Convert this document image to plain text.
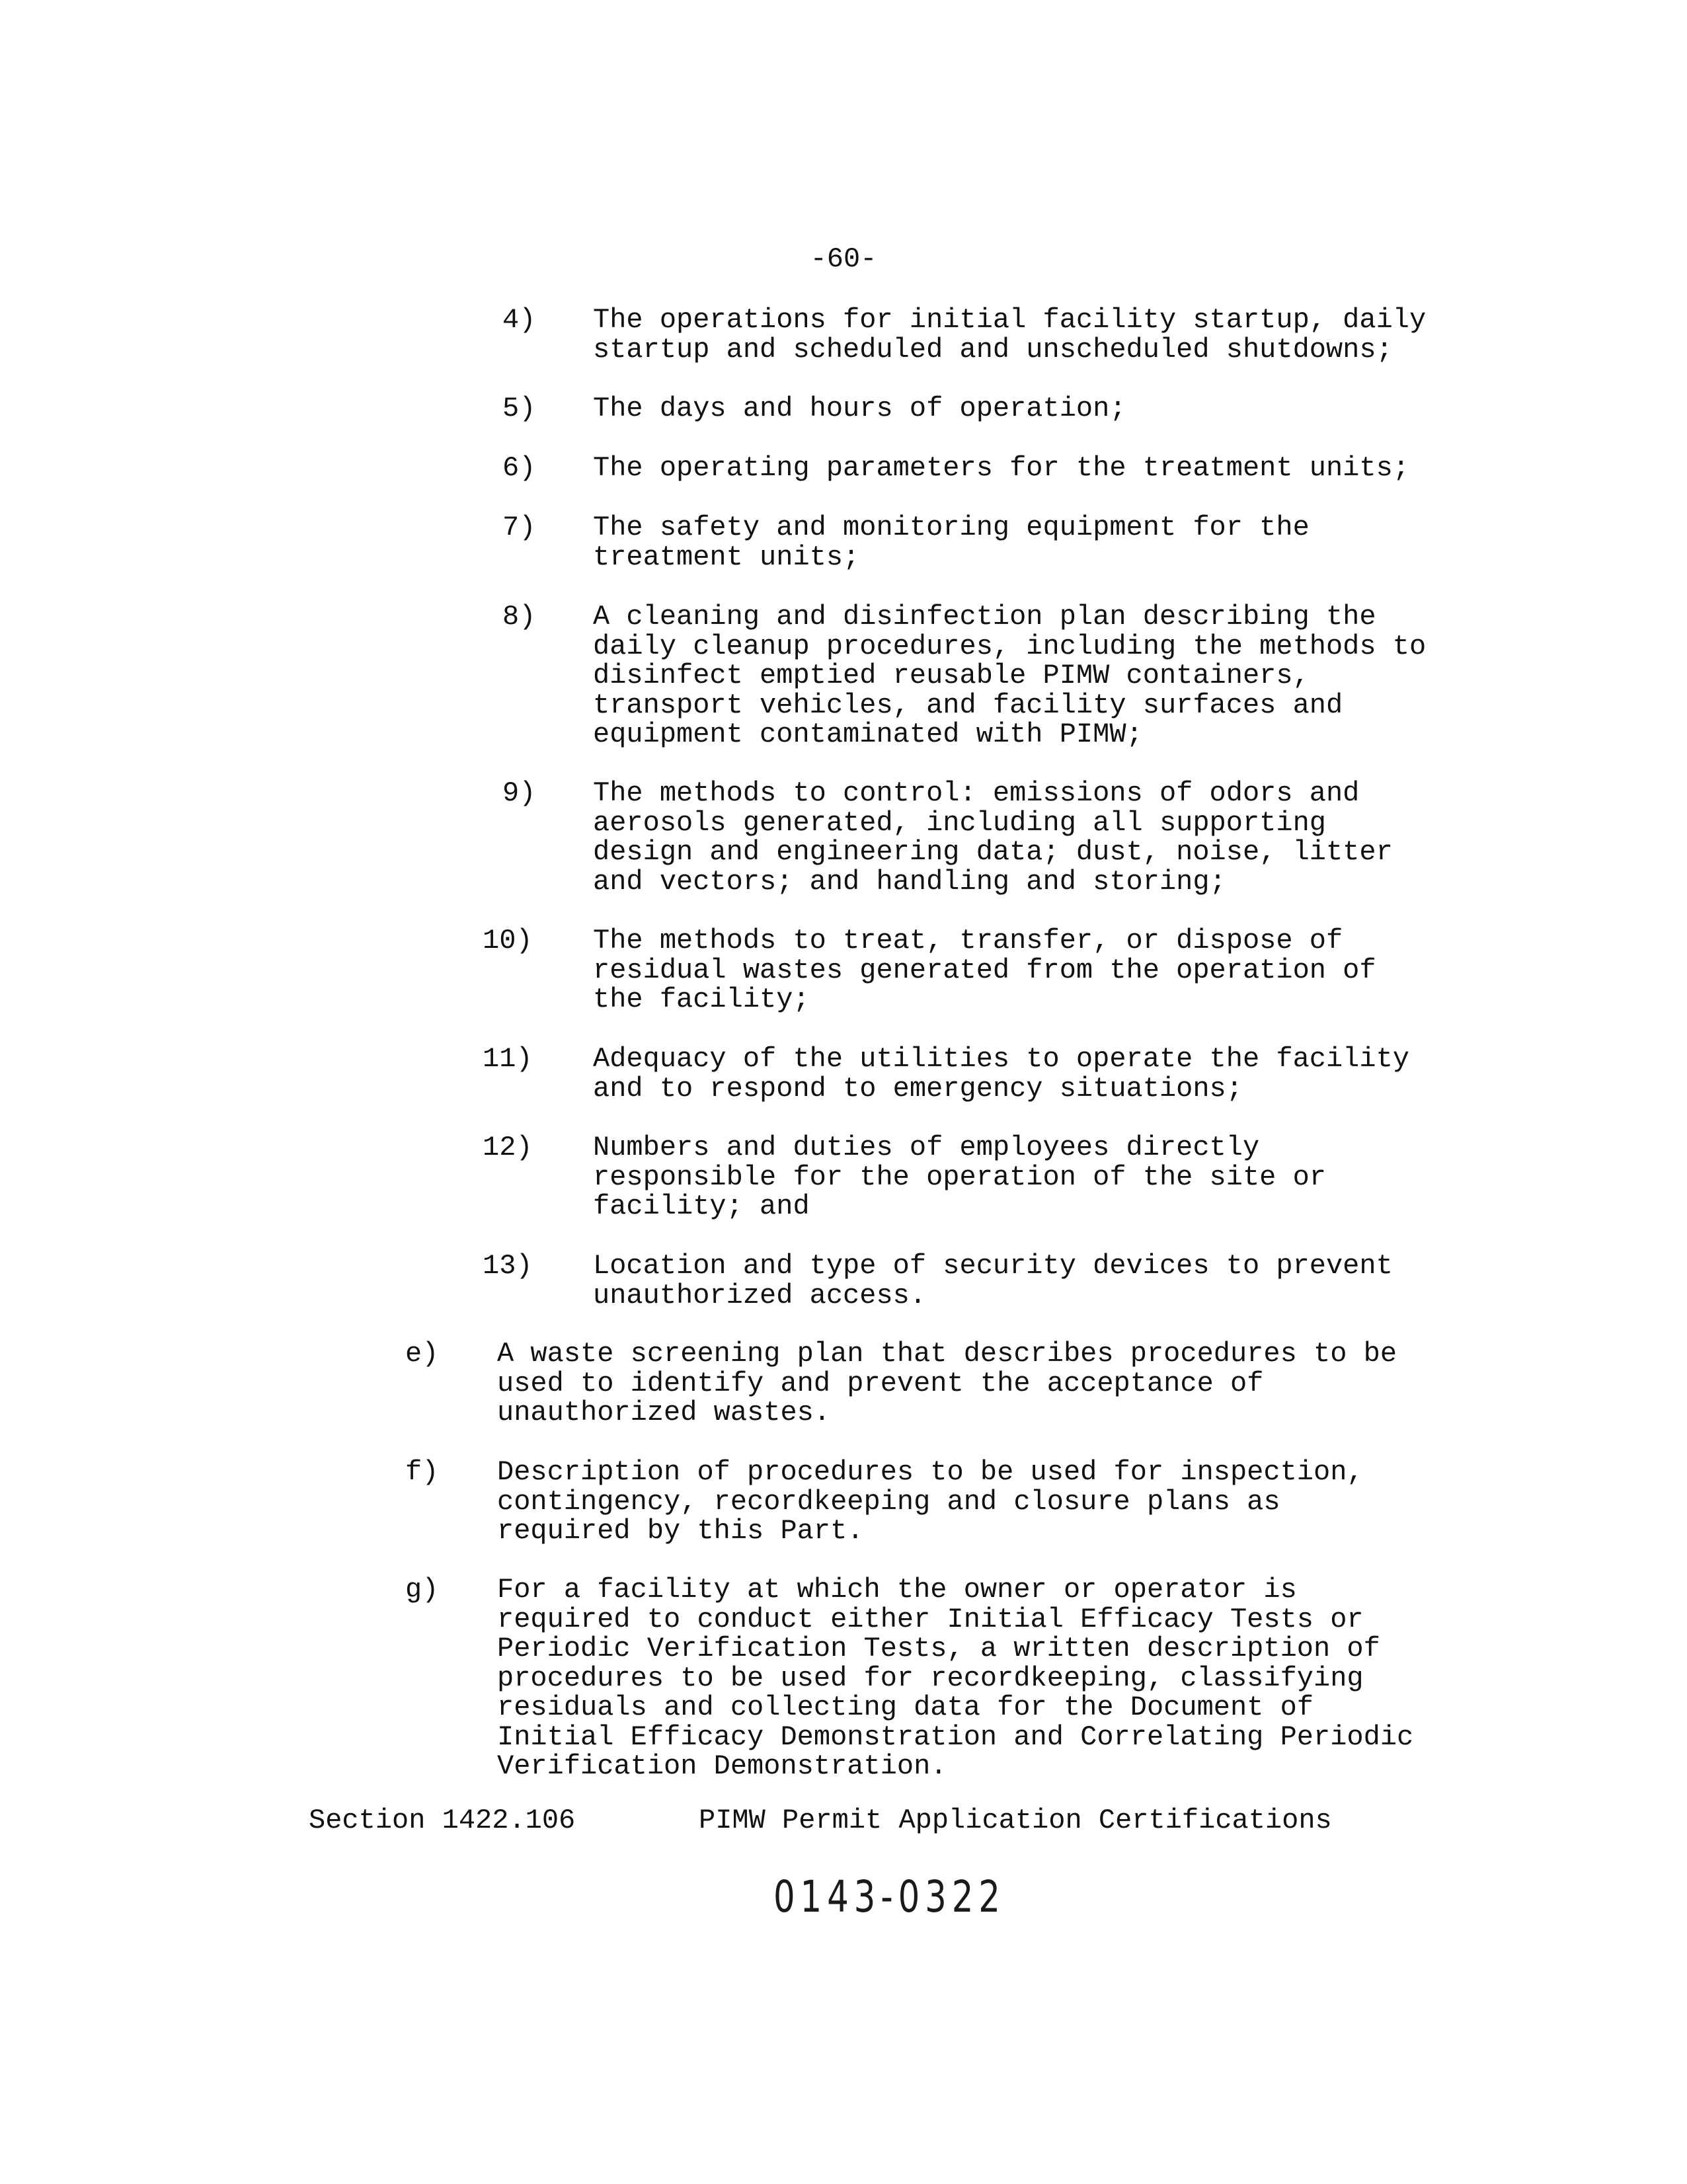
-60-
4) The operations for initial facility startup, daily
startup and scheduled and unscheduled shutdowns;
5) The days and hours of operation;
6) The operating parameters for the treatment units;
7) The safety and monitoring equipment for the
treatment units;
8) A cleaning and disinfection plan describing the
daily cleanup procedures, including the methods to
disinfect emptied reusable PIMW containers,
transport vehicles, and facility surfaces and
equipment contaminated with PIMW;
9) The methods to control: emissions of odors and
aerosols generated, including all supporting
design and engineering data; dust, noise, litter
and vectors; and handling and storing;
10) The methods to treat, transfer, or dispose of
residual wastes generated from the operation of
the facility;
11) Adequacy of the utilities to operate the facility
and to respond to emergency situations;
12) Numbers and duties of employees directly
responsible for the operation of the site or
facility; and
13) Location and type of security devices to prevent
unauthorized access.
e) A waste screening plan that describes procedures to be
used to identify and prevent the acceptance of
unauthorized wastes.
f) Description of procedures to be used for inspection,
contingency, recordkeeping and closure plans as
required by this Part.
g) For a facility at which the owner or operator is
required to conduct either Initial Efficacy Tests or
Periodic Verification Tests, a written description of
procedures to be used for recordkeeping, classifying
residuals and collecting data for the Document of
Initial Efficacy Demonstration and Correlating Periodic
Verification Demonstration.
Section 1422.106	PIMW Permit Application Certifications
0143-0322
